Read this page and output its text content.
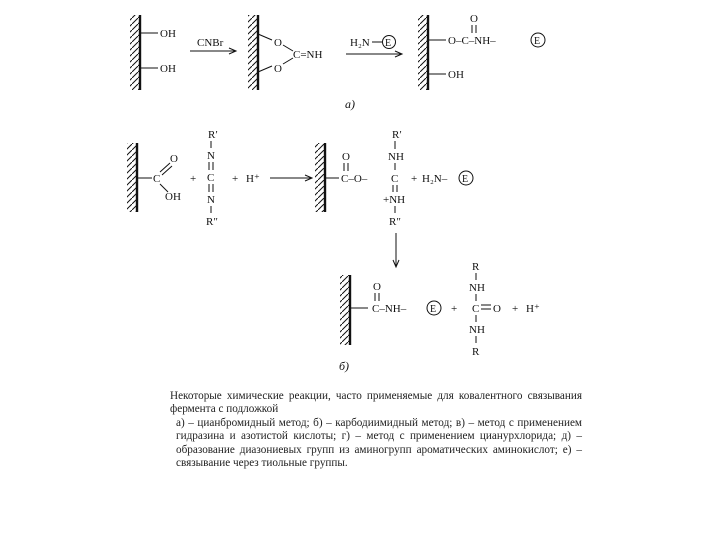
OH
OH
CNBr	O
O
C=NH
H₂N E
O
O–C–NH–	E
OH
a)
C
O
OH
+
R′
N
C
N
R″
+ H⁺
O
C–O–
R′
NH
C
+NH
R″
+ H₂N– E
O
C–NH– E +
R
NH
C O
NH
R
+ H⁺
б)

Некоторые химические реакции, часто применяемые для ковалентного связывания фермента с подложкой

а) – цианбромидный метод; б) – карбодиимидный метод; в) – метод с применением гидразина и азотистой кислоты; г) – метод с применением цианурхлорида; д) – образование диазониевых групп из аминогрупп ароматических аминокислот; е) – связывание через тиольные группы.
